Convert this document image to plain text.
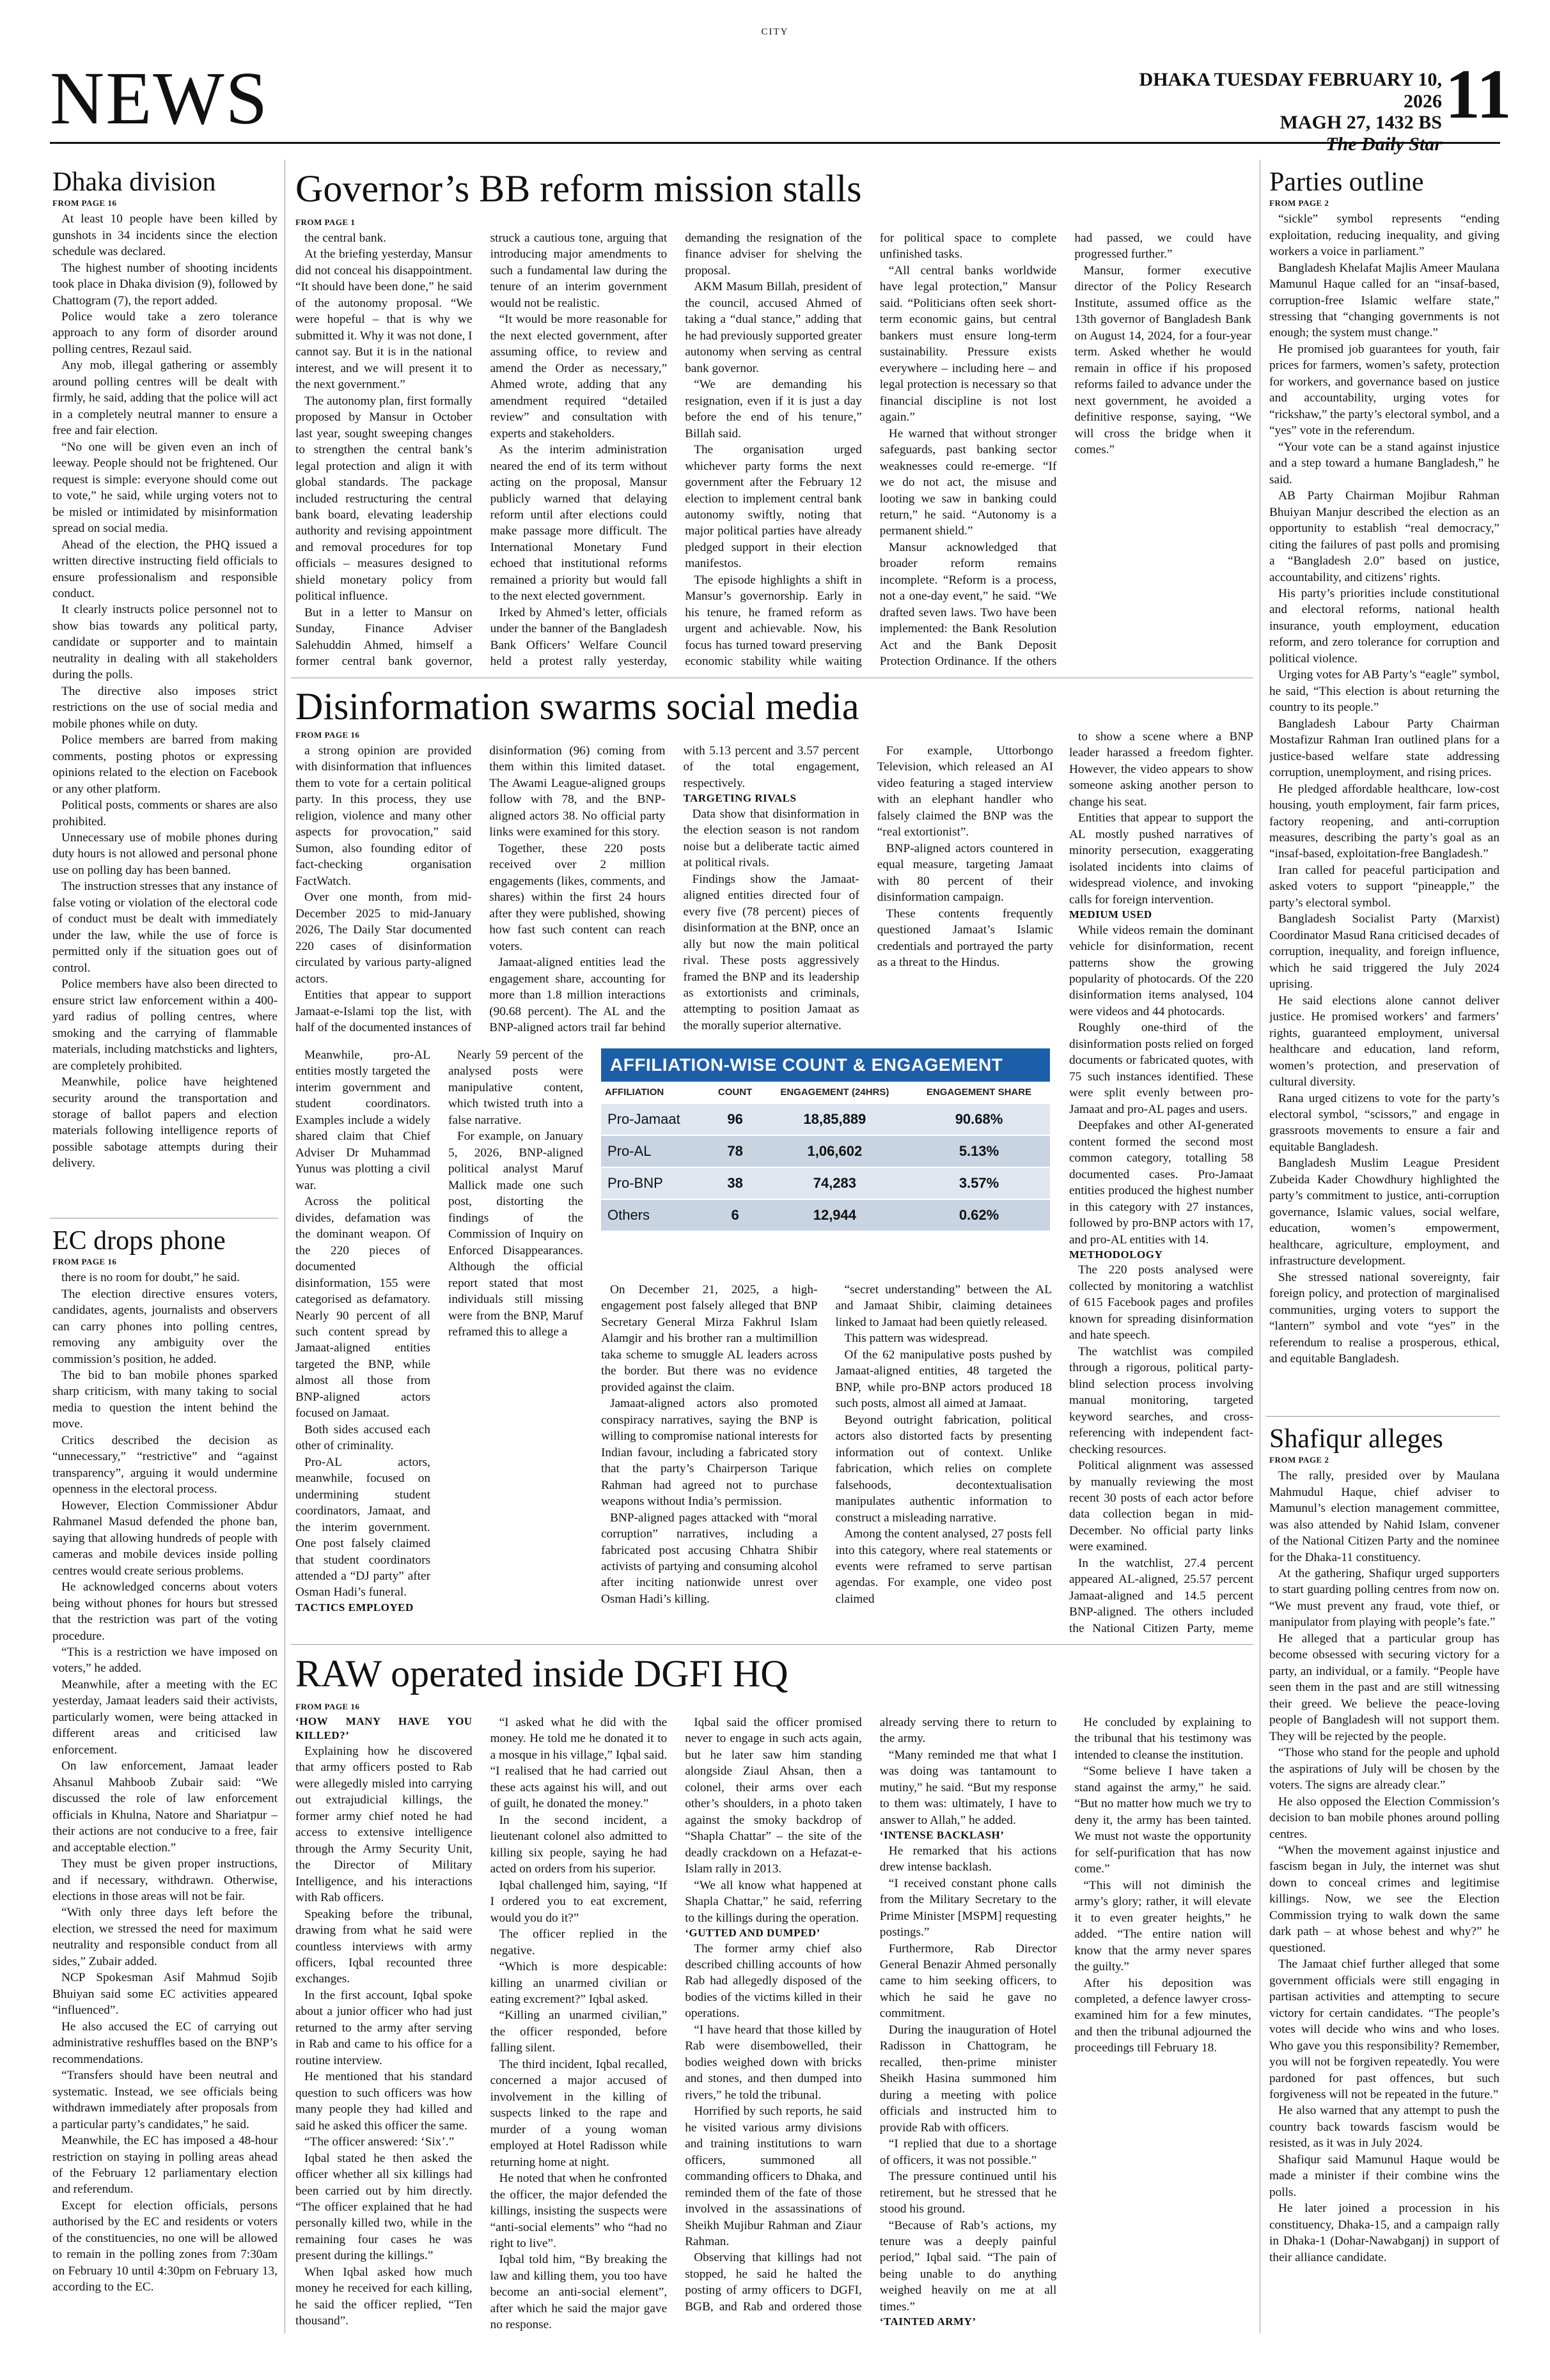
CITY
NEWS	DHAKA TUESDAY FEBRUARY 10, 2026
MAGH 27, 1432 BS
The Daily Star
11
Dhaka division
FROM PAGE 16

At least 10 people have been killed by gunshots in 34 incidents since the election schedule was declared.

The highest number of shooting incidents took place in Dhaka division (9), followed by Chattogram (7), the report added.

Police would take a zero tolerance approach to any form of disorder around polling centres, Rezaul said.

Any mob, illegal gathering or assembly around polling centres will be dealt with firmly, he said, adding that the police will act in a completely neutral manner to ensure a free and fair election.

“No one will be given even an inch of leeway. People should not be frightened. Our request is simple: everyone should come out to vote,” he said, while urging voters not to be misled or intimidated by misinformation spread on social media.

Ahead of the election, the PHQ issued a written directive instructing field officials to ensure professionalism and responsible conduct.

It clearly instructs police personnel not to show bias towards any political party, candidate or supporter and to maintain neutrality in dealing with all stakeholders during the polls.

The directive also imposes strict restrictions on the use of social media and mobile phones while on duty.

Police members are barred from making comments, posting photos or expressing opinions related to the election on Facebook or any other platform.

Political posts, comments or shares are also prohibited.

Unnecessary use of mobile phones during duty hours is not allowed and personal phone use on polling day has been banned.

The instruction stresses that any instance of false voting or violation of the electoral code of conduct must be dealt with immediately under the law, while the use of force is permitted only if the situation goes out of control.

Police members have also been directed to ensure strict law enforcement within a 400-yard radius of polling centres, where smoking and the carrying of flammable materials, including matchsticks and lighters, are completely prohibited.

Meanwhile, police have heightened security around the transportation and storage of ballot papers and election materials following intelligence reports of possible sabotage attempts during their delivery.

EC drops phone
FROM PAGE 16

there is no room for doubt,” he said.

The election directive ensures voters, candidates, agents, journalists and observers can carry phones into polling centres, removing any ambiguity over the commission’s position, he added.

The bid to ban mobile phones sparked sharp criticism, with many taking to social media to question the intent behind the move.

Critics described the decision as “unnecessary,” “restrictive” and “against transparency”, arguing it would undermine openness in the electoral process.

However, Election Commissioner Abdur Rahmanel Masud defended the phone ban, saying that allowing hundreds of people with cameras and mobile devices inside polling centres would create serious problems.

He acknowledged concerns about voters being without phones for hours but stressed that the restriction was part of the voting procedure.

“This is a restriction we have imposed on voters,” he added.

Meanwhile, after a meeting with the EC yesterday, Jamaat leaders said their activists, particularly women, were being attacked in different areas and criticised law enforcement.

On law enforcement, Jamaat leader Ahsanul Mahboob Zubair said: “We discussed the role of law enforcement officials in Khulna, Natore and Shariatpur – their actions are not conducive to a free, fair and acceptable election.”

They must be given proper instructions, and if necessary, withdrawn. Otherwise, elections in those areas will not be fair.

“With only three days left before the election, we stressed the need for maximum neutrality and responsible conduct from all sides,” Zubair added.

NCP Spokesman Asif Mahmud Sojib Bhuiyan said some EC activities appeared “influenced”.

He also accused the EC of carrying out administrative reshuffles based on the BNP’s recommendations.

“Transfers should have been neutral and systematic. Instead, we see officials being withdrawn immediately after proposals from a particular party’s candidates,” he said.

Meanwhile, the EC has imposed a 48-hour restriction on staying in polling areas ahead of the February 12 parliamentary election and referendum.

Except for election officials, persons authorised by the EC and residents or voters of the constituencies, no one will be allowed to remain in the polling zones from 7:30am on February 10 until 4:30pm on February 13, according to the EC.

Governor’s BB reform mission stalls
FROM PAGE 1

the central bank.

At the briefing yesterday, Mansur did not conceal his disappointment. “It should have been done,” he said of the autonomy proposal. “We were hopeful – that is why we submitted it. Why it was not done, I cannot say. But it is in the national interest, and we will present it to the next government.”

The autonomy plan, first formally proposed by Mansur in October last year, sought sweeping changes to strengthen the central bank’s legal protection and align it with global standards. The package included restructuring the central bank board, elevating leadership authority and revising appointment and removal procedures for top officials – measures designed to shield monetary policy from political influence.

But in a letter to Mansur on Sunday, Finance Adviser Salehuddin Ahmed, himself a former central bank governor, struck a cautious tone, arguing that introducing major amendments to such a fundamental law during the tenure of an interim government would not be realistic.

“It would be more reasonable for the next elected government, after assuming office, to review and amend the Order as necessary,” Ahmed wrote, adding that any amendment required “detailed review” and consultation with experts and stakeholders.

As the interim administration neared the end of its term without acting on the proposal, Mansur publicly warned that delaying reform until after elections could make passage more difficult. The International Monetary Fund echoed that institutional reforms remained a priority but would fall to the next elected government.

Irked by Ahmed’s letter, officials under the banner of the Bangladesh Bank Officers’ Welfare Council held a protest rally yesterday, demanding the resignation of the finance adviser for shelving the proposal.

AKM Masum Billah, president of the council, accused Ahmed of taking a “dual stance,” adding that he had previously supported greater autonomy when serving as central bank governor.

“We are demanding his resignation, even if it is just a day before the end of his tenure,” Billah said.

The organisation urged whichever party forms the next government after the February 12 election to implement central bank autonomy swiftly, noting that major political parties have already pledged support in their election manifestos.

The episode highlights a shift in Mansur’s governorship. Early in his tenure, he framed reform as urgent and achievable. Now, his focus has turned toward preserving economic stability while waiting for political space to complete unfinished tasks.

“All central banks worldwide have legal protection,” Mansur said. “Politicians often seek short-term economic gains, but central bankers must ensure long-term sustainability. Pressure exists everywhere – including here – and legal protection is necessary so that financial discipline is not lost again.”

He warned that without stronger safeguards, past banking sector weaknesses could re-emerge. “If we do not act, the misuse and looting we saw in banking could return,” he said. “Autonomy is a permanent shield.”

Mansur acknowledged that broader reform remains incomplete. “Reform is a process, not a one-day event,” he said. “We drafted seven laws. Two have been implemented: the Bank Resolution Act and the Bank Deposit Protection Ordinance. If the others had passed, we could have progressed further.”

Mansur, former executive director of the Policy Research Institute, assumed office as the 13th governor of Bangladesh Bank on August 14, 2024, for a four-year term. Asked whether he would remain in office if his proposed reforms failed to advance under the next government, he avoided a definitive response, saying, “We will cross the bridge when it comes.”

Disinformation swarms social media
FROM PAGE 16

a strong opinion are provided with disinformation that influences them to vote for a certain political party. In this process, they use religion, violence and many other aspects for provocation,” said Sumon, also founding editor of fact-checking organisation FactWatch.

Over one month, from mid-December 2025 to mid-January 2026, The Daily Star documented 220 cases of disinformation circulated by various party-aligned actors.

Entities that appear to support Jamaat-e-Islami top the list, with half of the documented instances of disinformation (96) coming from them within this limited dataset. The Awami League-aligned groups follow with 78, and the BNP-aligned actors 38. No official party links were examined for this story.

Together, these 220 posts received over 2 million engagements (likes, comments, and shares) within the first 24 hours after they were published, showing how fast such content can reach voters.

Jamaat-aligned entities lead the engagement share, accounting for more than 1.8 million interactions (90.68 percent). The AL and the BNP-aligned actors trail far behind with 5.13 percent and 3.57 percent of the total engagement, respectively.

TARGETING RIVALS

Data show that disinformation in the election season is not random noise but a deliberate tactic aimed at political rivals.

Findings show the Jamaat-aligned entities directed four of every five (78 percent) pieces of disinformation at the BNP, once an ally but now the main political rival. These posts aggressively framed the BNP and its leadership as extortionists and criminals, attempting to position Jamaat as the morally superior alternative.

For example, Uttorbongo Television, which released an AI video featuring a staged interview with an elephant handler who falsely claimed the BNP was the “real extortionist”.

BNP-aligned actors countered in equal measure, targeting Jamaat with 80 percent of their disinformation campaign.

These contents frequently questioned Jamaat’s Islamic credentials and portrayed the party as a threat to the Hindus.

Meanwhile, pro-AL entities mostly targeted the interim government and student coordinators. Examples include a widely shared claim that Chief Adviser Dr Muhammad Yunus was plotting a civil war.

Across the political divides, defamation was the dominant weapon. Of the 220 pieces of documented disinformation, 155 were categorised as defamatory. Nearly 90 percent of all such content spread by Jamaat-aligned entities targeted the BNP, while almost all those from BNP-aligned actors focused on Jamaat.

Both sides accused each other of criminality.

Pro-AL actors, meanwhile, focused on undermining student coordinators, Jamaat, and the interim government. One post falsely claimed that student coordinators attended a “DJ party” after Osman Hadi’s funeral.

TACTICS EMPLOYED

Nearly 59 percent of the analysed posts were manipulative content, which twisted truth into a false narrative.

For example, on January 5, 2026, BNP-aligned political analyst Maruf Mallick made one such post, distorting the findings of the Commission of Inquiry on Enforced Disappearances. Although the official report stated that most individuals still missing were from the BNP, Maruf reframed this to allege a

AFFILIATION-WISE COUNT & ENGAGEMENT
AFFILIATION	COUNT	ENGAGEMENT (24HRS)	ENGAGEMENT SHARE
Pro-Jamaat	96	18,85,889	90.68%
Pro-AL	78	1,06,602	5.13%
Pro-BNP	38	74,283	3.57%
Others	6	12,944	0.62%

On December 21, 2025, a high-engagement post falsely alleged that BNP Secretary General Mirza Fakhrul Islam Alamgir and his brother ran a multimillion taka scheme to smuggle AL leaders across the border. But there was no evidence provided against the claim.

Jamaat-aligned actors also promoted conspiracy narratives, saying the BNP is willing to compromise national interests for Indian favour, including a fabricated story that the party’s Chairperson Tarique Rahman had agreed not to purchase weapons without India’s permission.

BNP-aligned pages attacked with “moral corruption” narratives, including a fabricated post accusing Chhatra Shibir activists of partying and consuming alcohol after inciting nationwide unrest over Osman Hadi’s killing.

“secret understanding” between the AL and Jamaat Shibir, claiming detainees linked to Jamaat had been quietly released.

This pattern was widespread.

Of the 62 manipulative posts pushed by Jamaat-aligned entities, 48 targeted the BNP, while pro-BNP actors produced 18 such posts, almost all aimed at Jamaat.

Beyond outright fabrication, political actors also distorted facts by presenting information out of context. Unlike fabrication, which relies on complete falsehoods, decontextualisation manipulates authentic information to construct a misleading narrative.

Among the content analysed, 27 posts fell into this category, where real statements or events were reframed to serve partisan agendas. For example, one video post claimed

to show a scene where a BNP leader harassed a freedom fighter. However, the video appears to show someone asking another person to change his seat.

Entities that appear to support the AL mostly pushed narratives of minority persecution, exaggerating isolated incidents into claims of widespread violence, and invoking calls for foreign intervention.

MEDIUM USED

While videos remain the dominant vehicle for disinformation, recent patterns show the growing popularity of photocards. Of the 220 disinformation items analysed, 104 were videos and 44 photocards.

Roughly one-third of the disinformation posts relied on forged documents or fabricated quotes, with 75 such instances identified. These were split evenly between pro-Jamaat and pro-AL pages and users.

Deepfakes and other AI-generated content formed the second most common category, totalling 58 documented cases. Pro-Jamaat entities produced the highest number in this category with 27 instances, followed by pro-BNP actors with 17, and pro-AL entities with 14.

METHODOLOGY

The 220 posts analysed were collected by monitoring a watchlist of 615 Facebook pages and profiles known for spreading disinformation and hate speech.

The watchlist was compiled through a rigorous, political party-blind selection process involving manual monitoring, targeted keyword searches, and cross-referencing with independent fact-checking resources.

Political alignment was assessed by manually reviewing the most recent 30 posts of each actor before data collection began in mid-December. No official party links were examined.

In the watchlist, 27.4 percent appeared AL-aligned, 25.57 percent Jamaat-aligned and 14.5 percent BNP-aligned. The others included the National Citizen Party, meme

RAW operated inside DGFI HQ
FROM PAGE 16

‘HOW MANY HAVE YOU KILLED?’

Explaining how he discovered that army officers posted to Rab were allegedly misled into carrying out extrajudicial killings, the former army chief noted he had access to extensive intelligence through the Army Security Unit, the Director of Military Intelligence, and his interactions with Rab officers.

Speaking before the tribunal, drawing from what he said were countless interviews with army officers, Iqbal recounted three exchanges.

In the first account, Iqbal spoke about a junior officer who had just returned to the army after serving in Rab and came to his office for a routine interview.

He mentioned that his standard question to such officers was how many people they had killed and said he asked this officer the same.

“The officer answered: ‘Six’.”

Iqbal stated he then asked the officer whether all six killings had been carried out by him directly. “The officer explained that he had personally killed two, while in the remaining four cases he was present during the killings.”

When Iqbal asked how much money he received for each killing, he said the officer replied, “Ten thousand”.

“I asked what he did with the money. He told me he donated it to a mosque in his village,” Iqbal said. “I realised that he had carried out these acts against his will, and out of guilt, he donated the money.”

In the second incident, a lieutenant colonel also admitted to killing six people, saying he had acted on orders from his superior.

Iqbal challenged him, saying, “If I ordered you to eat excrement, would you do it?”

The officer replied in the negative.

“Which is more despicable: killing an unarmed civilian or eating excrement?” Iqbal asked.

“Killing an unarmed civilian,” the officer responded, before falling silent.

The third incident, Iqbal recalled, concerned a major accused of involvement in the killing of suspects linked to the rape and murder of a young woman employed at Hotel Radisson while returning home at night.

He noted that when he confronted the officer, the major defended the killings, insisting the suspects were “anti-social elements” who “had no right to live”.

Iqbal told him, “By breaking the law and killing them, you too have become an anti-social element”, after which he said the major gave no response.

Iqbal said the officer promised never to engage in such acts again, but he later saw him standing alongside Ziaul Ahsan, then a colonel, their arms over each other’s shoulders, in a photo taken against the smoky backdrop of “Shapla Chattar” – the site of the deadly crackdown on a Hefazat-e-Islam rally in 2013.

“We all know what happened at Shapla Chattar,” he said, referring to the killings during the operation.

‘GUTTED AND DUMPED’

The former army chief also described chilling accounts of how Rab had allegedly disposed of the bodies of the victims killed in their operations.

“I have heard that those killed by Rab were disembowelled, their bodies weighed down with bricks and stones, and then dumped into rivers,” he told the tribunal.

Horrified by such reports, he said he visited various army divisions and training institutions to warn officers, summoned all commanding officers to Dhaka, and reminded them of the fate of those involved in the assassinations of Sheikh Mujibur Rahman and Ziaur Rahman.

Observing that killings had not stopped, he said he halted the posting of army officers to DGFI, BGB, and Rab and ordered those already serving there to return to the army.

“Many reminded me that what I was doing was tantamount to mutiny,” he said. “But my response to them was: ultimately, I have to answer to Allah,” he added.

‘INTENSE BACKLASH’

He remarked that his actions drew intense backlash.

“I received constant phone calls from the Military Secretary to the Prime Minister [MSPM] requesting postings.”

Furthermore, Rab Director General Benazir Ahmed personally came to him seeking officers, to which he said he gave no commitment.

During the inauguration of Hotel Radisson in Chattogram, he recalled, then-prime minister Sheikh Hasina summoned him during a meeting with police officials and instructed him to provide Rab with officers.

“I replied that due to a shortage of officers, it was not possible.”

The pressure continued until his retirement, but he stressed that he stood his ground.

“Because of Rab’s actions, my tenure was a deeply painful period,” Iqbal said. “The pain of being unable to do anything weighed heavily on me at all times.”

‘TAINTED ARMY’

He concluded by explaining to the tribunal that his testimony was intended to cleanse the institution.

“Some believe I have taken a stand against the army,” he said. “But no matter how much we try to deny it, the army has been tainted. We must not waste the opportunity for self-purification that has now come.”

“This will not diminish the army’s glory; rather, it will elevate it to even greater heights,” he added. “The entire nation will know that the army never spares the guilty.”

After his deposition was completed, a defence lawyer cross-examined him for a few minutes, and then the tribunal adjourned the proceedings till February 18.

Parties outline
FROM PAGE 2

“sickle” symbol represents “ending exploitation, reducing inequality, and giving workers a voice in parliament.”

Bangladesh Khelafat Majlis Ameer Maulana Mamunul Haque called for an “insaf-based, corruption-free Islamic welfare state,” stressing that “changing governments is not enough; the system must change.”

He promised job guarantees for youth, fair prices for farmers, women’s safety, protection for workers, and governance based on justice and accountability, urging votes for “rickshaw,” the party’s electoral symbol, and a “yes” vote in the referendum.

“Your vote can be a stand against injustice and a step toward a humane Bangladesh,” he said.

AB Party Chairman Mojibur Rahman Bhuiyan Manjur described the election as an opportunity to establish “real democracy,” citing the failures of past polls and promising a “Bangladesh 2.0” based on justice, accountability, and citizens’ rights.

His party’s priorities include constitutional and electoral reforms, national health insurance, youth employment, education reform, and zero tolerance for corruption and political violence.

Urging votes for AB Party’s “eagle” symbol, he said, “This election is about returning the country to its people.”

Bangladesh Labour Party Chairman Mostafizur Rahman Iran outlined plans for a justice-based welfare state addressing corruption, unemployment, and rising prices.

He pledged affordable healthcare, low-cost housing, youth employment, fair farm prices, factory reopening, and anti-corruption measures, describing the party’s goal as an “insaf-based, exploitation-free Bangladesh.”

Iran called for peaceful participation and asked voters to support “pineapple,” the party’s electoral symbol.

Bangladesh Socialist Party (Marxist) Coordinator Masud Rana criticised decades of corruption, inequality, and foreign influence, which he said triggered the July 2024 uprising.

He said elections alone cannot deliver justice. He promised workers’ and farmers’ rights, guaranteed employment, universal healthcare and education, land reform, women’s protection, and preservation of cultural diversity.

Rana urged citizens to vote for the party’s electoral symbol, “scissors,” and engage in grassroots movements to ensure a fair and equitable Bangladesh.

Bangladesh Muslim League President Zubeida Kader Chowdhury highlighted the party’s commitment to justice, anti-corruption governance, Islamic values, social welfare, education, women’s empowerment, healthcare, agriculture, employment, and infrastructure development.

She stressed national sovereignty, fair foreign policy, and protection of marginalised communities, urging voters to support the “lantern” symbol and vote “yes” in the referendum to realise a prosperous, ethical, and equitable Bangladesh.

Shafiqur alleges
FROM PAGE 2

The rally, presided over by Maulana Mahmudul Haque, chief adviser to Mamunul’s election management committee, was also attended by Nahid Islam, convener of the National Citizen Party and the nominee for the Dhaka-11 constituency.

At the gathering, Shafiqur urged supporters to start guarding polling centres from now on. “We must prevent any fraud, vote thief, or manipulator from playing with people’s fate.”

He alleged that a particular group has become obsessed with securing victory for a party, an individual, or a family. “People have seen them in the past and are still witnessing their greed. We believe the peace-loving people of Bangladesh will not support them. They will be rejected by the people.

“Those who stand for the people and uphold the aspirations of July will be chosen by the voters. The signs are already clear.”

He also opposed the Election Commission’s decision to ban mobile phones around polling centres.

“When the movement against injustice and fascism began in July, the internet was shut down to conceal crimes and legitimise killings. Now, we see the Election Commission trying to walk down the same dark path – at whose behest and why?” he questioned.

The Jamaat chief further alleged that some government officials were still engaging in partisan activities and attempting to secure victory for certain candidates. “The people’s votes will decide who wins and who loses. Who gave you this responsibility? Remember, you will not be forgiven repeatedly. You were pardoned for past offences, but such forgiveness will not be repeated in the future.”

He also warned that any attempt to push the country back towards fascism would be resisted, as it was in July 2024.

Shafiqur said Mamunul Haque would be made a minister if their combine wins the polls.

He later joined a procession in his constituency, Dhaka-15, and a campaign rally in Dhaka-1 (Dohar-Nawabganj) in support of their alliance candidate.
